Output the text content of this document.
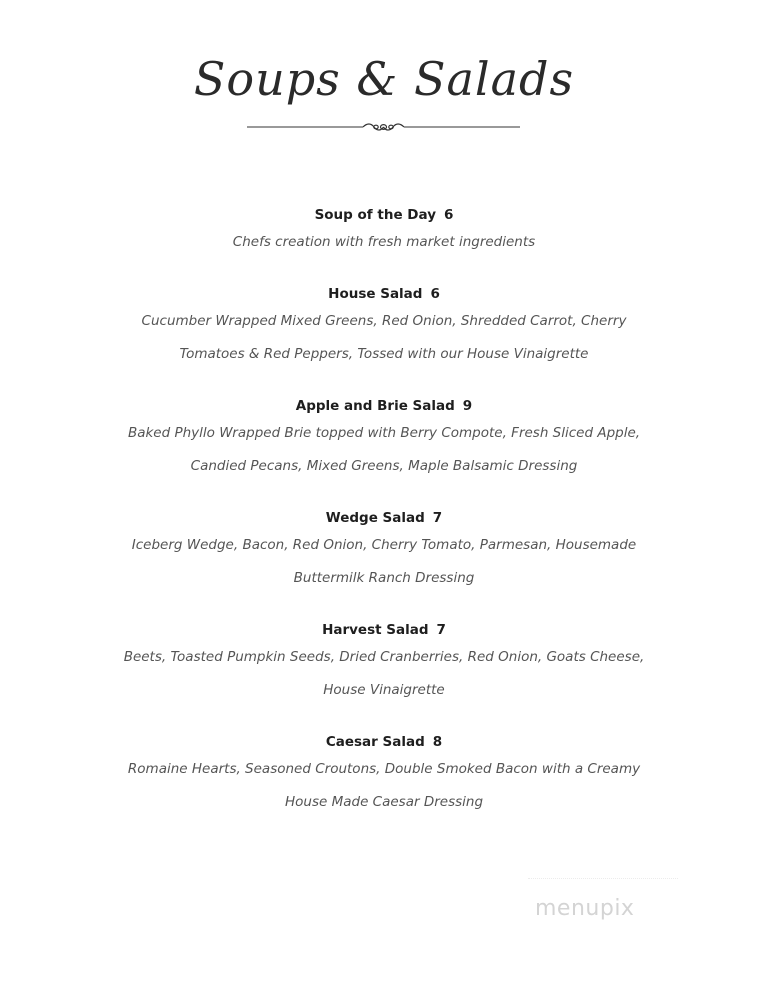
Soups & Salads
Soup of the Day 6
Chefs creation with fresh market ingredients
House Salad 6
Cucumber Wrapped Mixed Greens, Red Onion, Shredded Carrot, Cherry
Tomatoes & Red Peppers, Tossed with our House Vinaigrette
Apple and Brie Salad 9
Baked Phyllo Wrapped Brie topped with Berry Compote, Fresh Sliced Apple,
Candied Pecans, Mixed Greens, Maple Balsamic Dressing
Wedge Salad 7
Iceberg Wedge, Bacon, Red Onion, Cherry Tomato, Parmesan, Housemade
Buttermilk Ranch Dressing
Harvest Salad 7
Beets, Toasted Pumpkin Seeds, Dried Cranberries, Red Onion, Goats Cheese,
House Vinaigrette
Caesar Salad 8
Romaine Hearts, Seasoned Croutons, Double Smoked Bacon with a Creamy
House Made Caesar Dressing
menupix
